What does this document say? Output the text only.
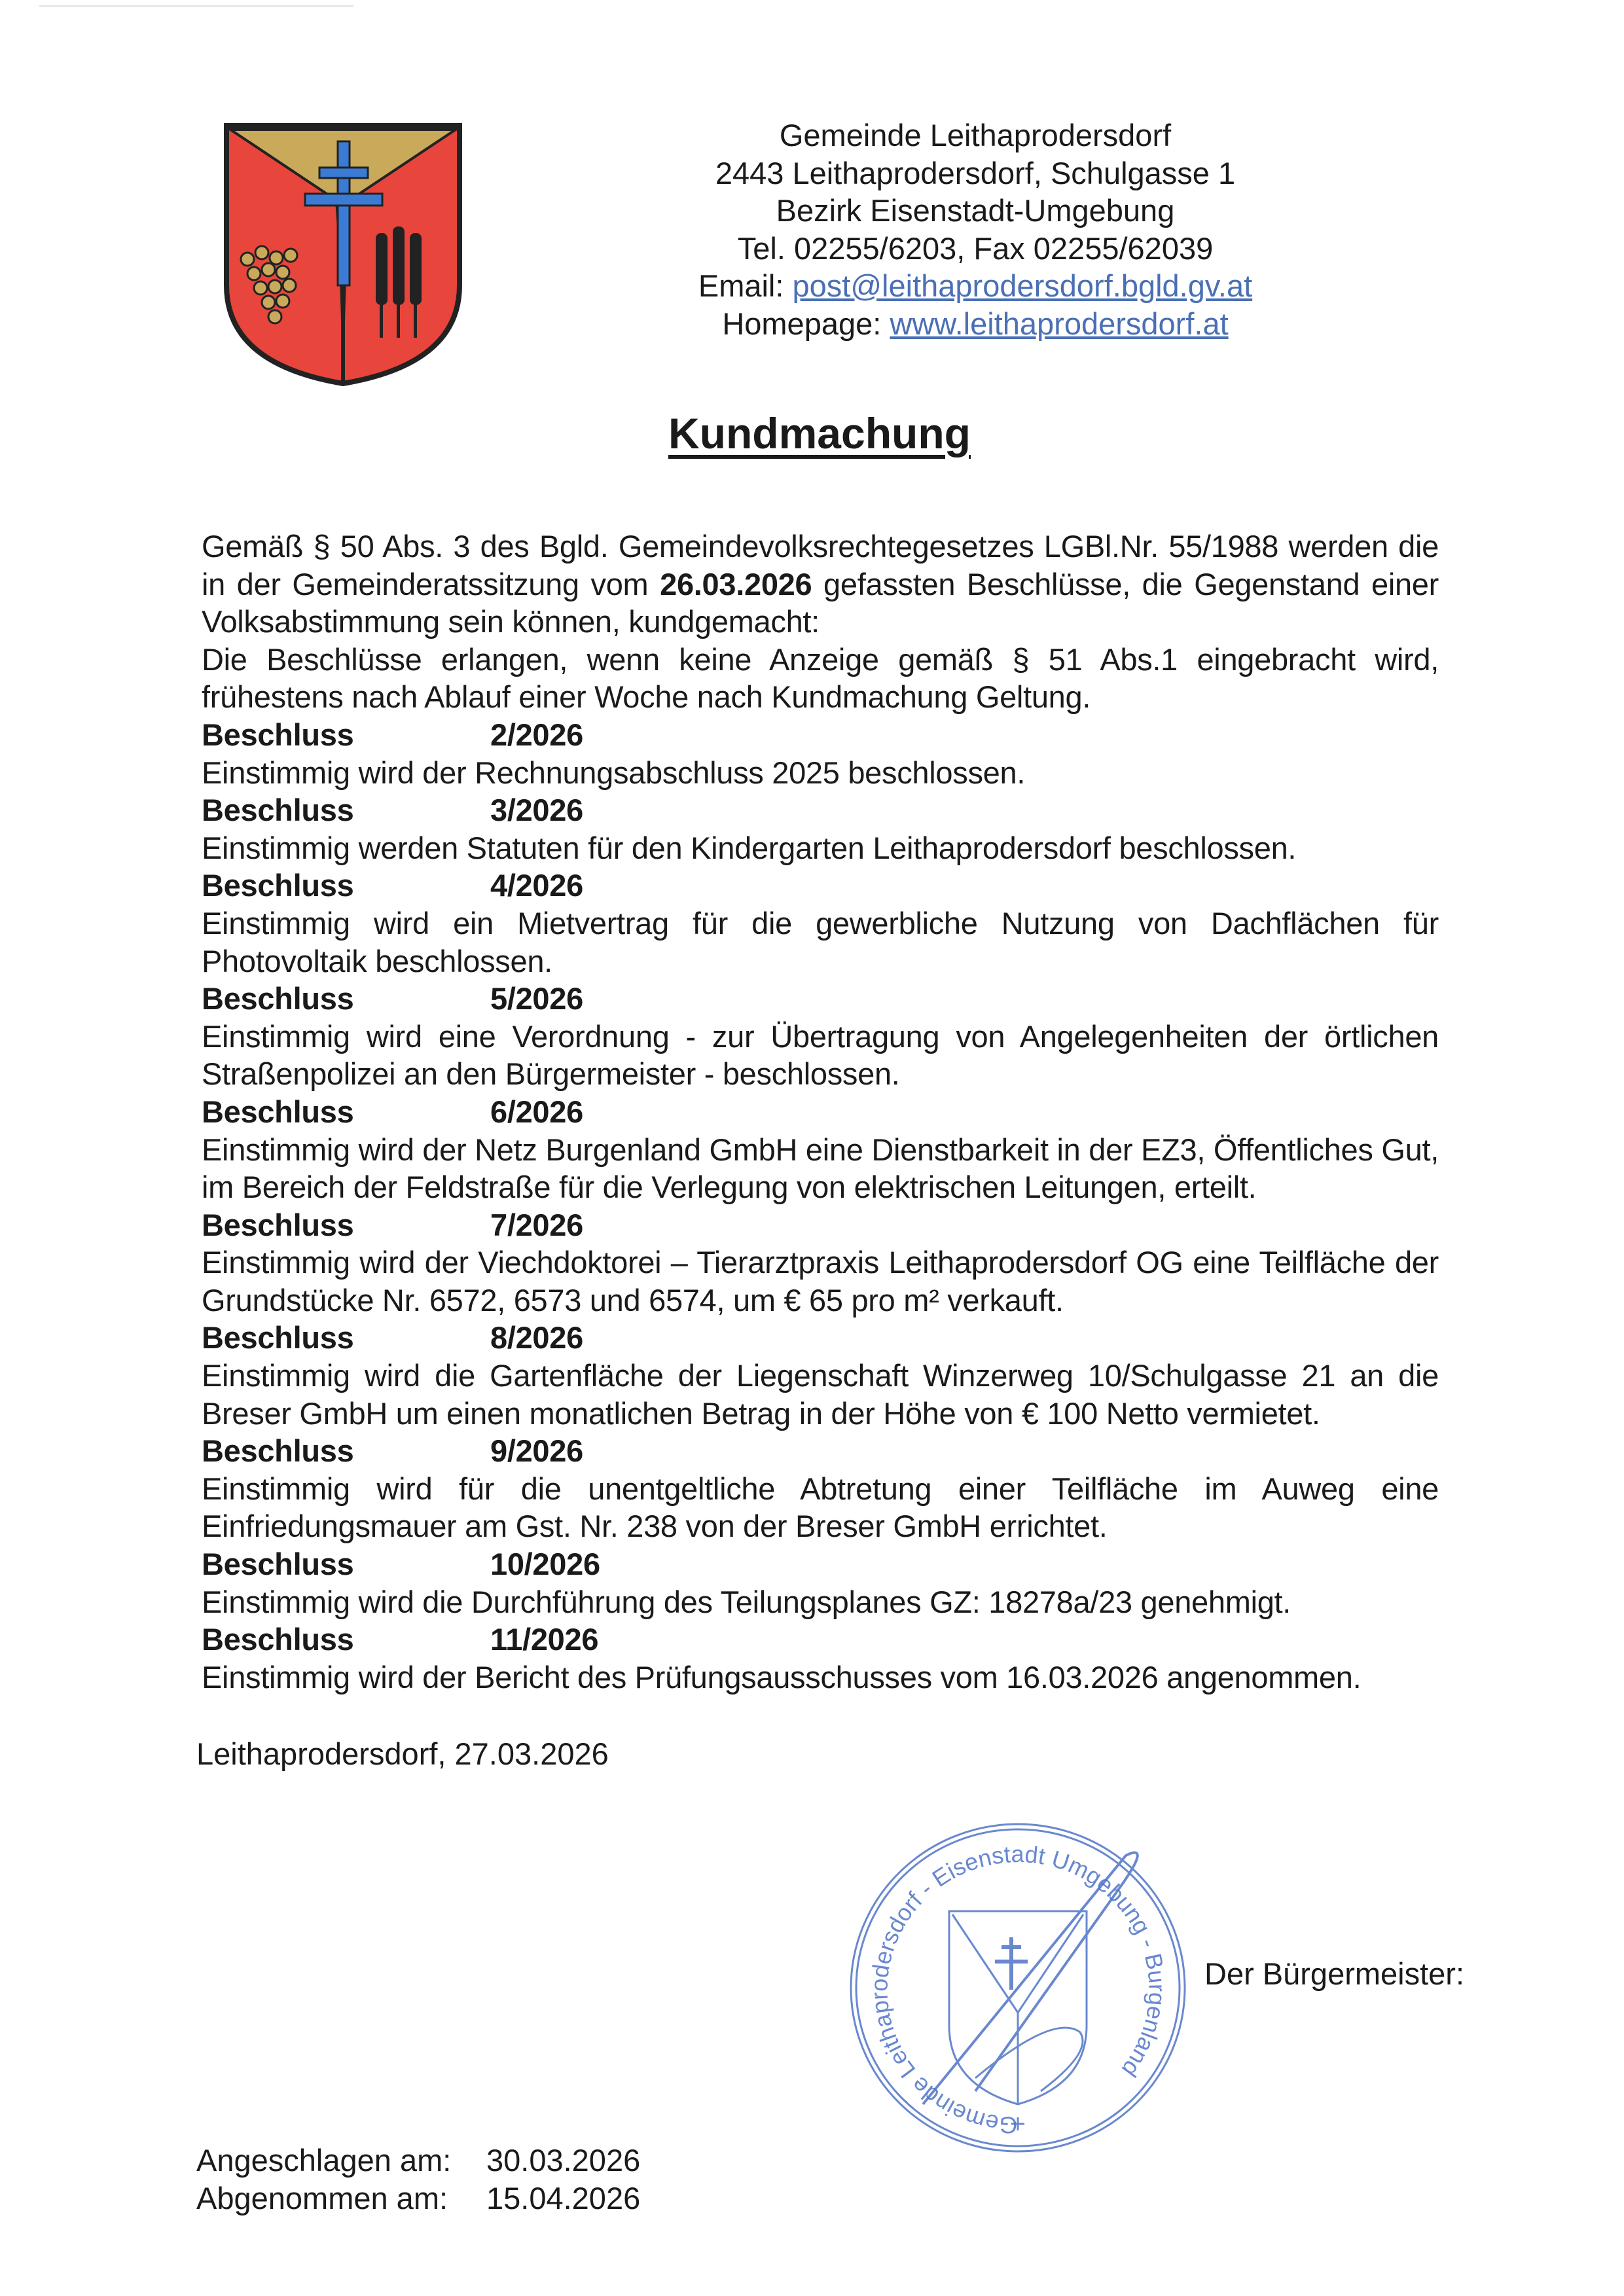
Gemeinde Leithaprodersdorf
2443 Leithaprodersdorf, Schulgasse 1
Bezirk Eisenstadt-Umgebung
Tel. 02255/6203, Fax 02255/62039
Email: post@leithaprodersdorf.bgld.gv.at
Homepage: www.leithaprodersdorf.at
Kundmachung

Gemäß § 50 Abs. 3 des Bgld. Gemeindevolksrechtegesetzes LGBl.Nr. 55/1988 werden die in der Gemeinderatssitzung vom 26.03.2026 gefassten Beschlüsse, die Gegenstand einer Volksabstimmung sein können, kundgemacht:

Die Beschlüsse erlangen, wenn keine Anzeige gemäß § 51 Abs.1 eingebracht wird, frühestens nach Ablauf einer Woche nach Kundmachung Geltung.

Beschluss	2/2026

Einstimmig wird der Rechnungsabschluss 2025 beschlossen.

Beschluss	3/2026

Einstimmig werden Statuten für den Kindergarten Leithaprodersdorf beschlossen.

Beschluss	4/2026

Einstimmig wird ein Mietvertrag für die gewerbliche Nutzung von Dachflächen für Photovoltaik beschlossen.

Beschluss	5/2026

Einstimmig wird eine Verordnung - zur Übertragung von Angelegenheiten der örtlichen Straßenpolizei an den Bürgermeister - beschlossen.

Beschluss	6/2026

Einstimmig wird der Netz Burgenland GmbH eine Dienstbarkeit in der EZ3, Öffentliches Gut, im Bereich der Feldstraße für die Verlegung von elektrischen Leitungen, erteilt.

Beschluss	7/2026

Einstimmig wird der Viechdoktorei – Tierarztpraxis Leithaprodersdorf OG eine Teilfläche der Grundstücke Nr. 6572, 6573 und 6574, um € 65 pro m² verkauft.

Beschluss	8/2026

Einstimmig wird die Gartenfläche der Liegenschaft Winzerweg 10/Schulgasse 21 an die Breser GmbH um einen monatlichen Betrag in der Höhe von € 100 Netto vermietet.

Beschluss	9/2026

Einstimmig wird für die unentgeltliche Abtretung einer Teilfläche im Auweg eine Einfriedungsmauer am Gst. Nr. 238 von der Breser GmbH errichtet.

Beschluss	10/2026

Einstimmig wird die Durchführung des Teilungsplanes GZ: 18278a/23 genehmigt.

Beschluss	11/2026

Einstimmig wird der Bericht des Prüfungsausschusses vom 16.03.2026 angenommen.

Leithaprodersdorf, 27.03.2026
Gemeinde Leithaprodersdorf - Eisenstadt Umgebung - Burgenland
Der Bürgermeister:
Angeschlagen am: 30.03.2026
Abgenommen am: 15.04.2026
